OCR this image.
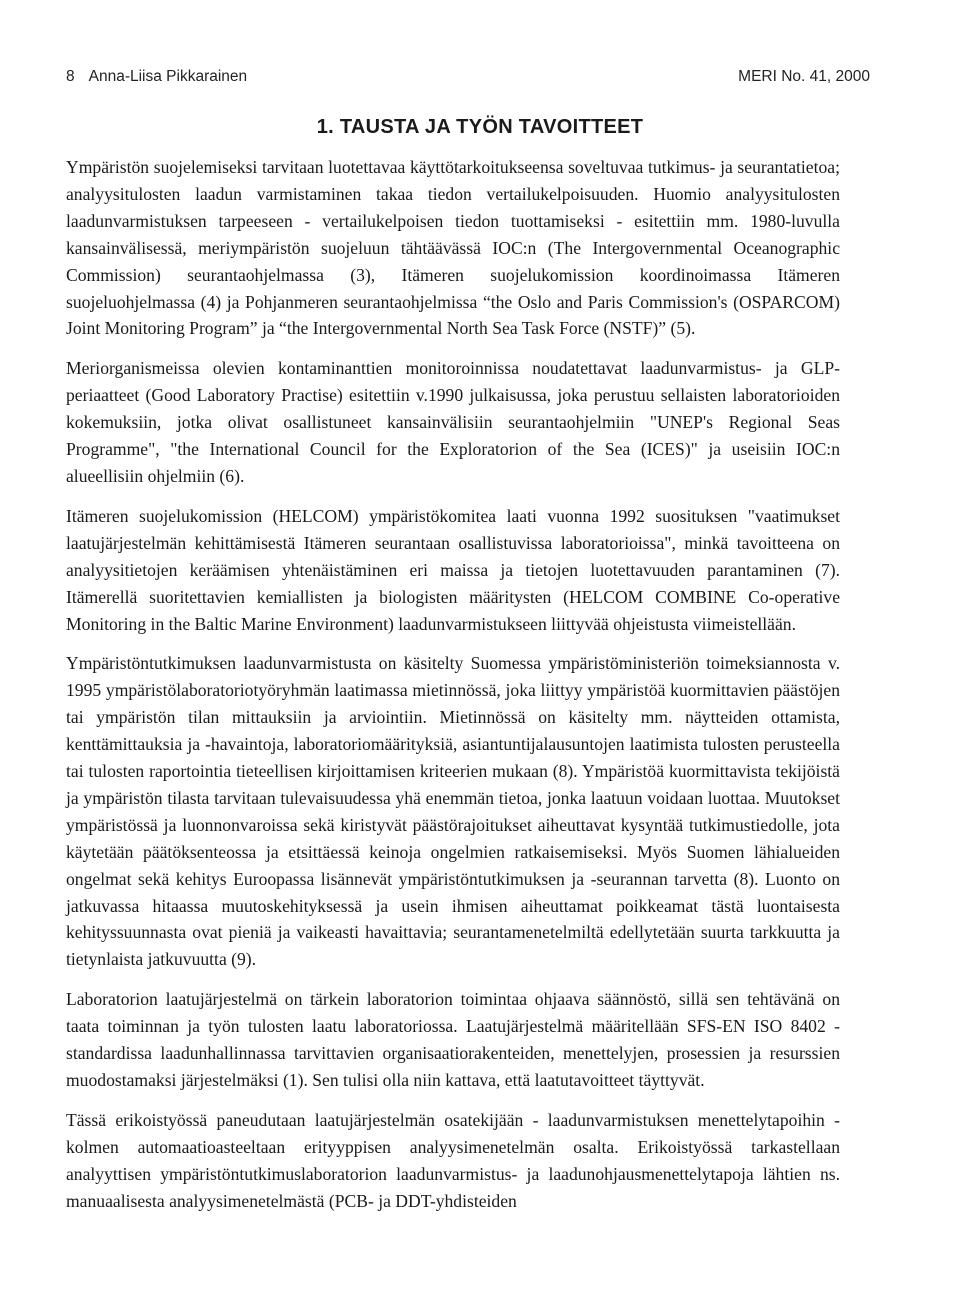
8 Anna-Liisa Pikkarainen	MERI No. 41, 2000
1. TAUSTA JA TYÖN TAVOITTEET

Ympäristön suojelemiseksi tarvitaan luotettavaa käyttötarkoitukseensa soveltuvaa tutkimus- ja seurantatietoa; analyysitulosten laadun varmistaminen takaa tiedon vertailukelpoisuuden. Huomio analyysitulosten laadunvarmistuksen tarpeeseen - vertailukelpoisen tiedon tuottamiseksi - esitettiin mm. 1980-luvulla kansainvälisessä, meriympäristön suojeluun tähtäävässä IOC:n (The Intergovernmental Oceanographic Commission) seurantaohjelmassa (3), Itämeren suojelukomission koordinoimassa Itämeren suojeluohjelmassa (4) ja Pohjanmeren seurantaohjelmissa “the Oslo and Paris Commission's (OSPARCOM) Joint Monitoring Program” ja “the Intergovernmental North Sea Task Force (NSTF)” (5).

Meriorganismeissa olevien kontaminanttien monitoroinnissa noudatettavat laadunvarmistus- ja GLP-periaatteet (Good Laboratory Practise) esitettiin v.1990 julkaisussa, joka perustuu sellaisten laboratorioiden kokemuksiin, jotka olivat osallistuneet kansainvälisiin seurantaohjelmiin "UNEP's Regional Seas Programme", "the International Council for the Exploratorion of the Sea (ICES)" ja useisiin IOC:n alueellisiin ohjelmiin (6).

Itämeren suojelukomission (HELCOM) ympäristökomitea laati vuonna 1992 suosituksen "vaatimukset laatujärjestelmän kehittämisestä Itämeren seurantaan osallistuvissa laboratorioissa", minkä tavoitteena on analyysitietojen keräämisen yhtenäistäminen eri maissa ja tietojen luotettavuuden parantaminen (7). Itämerellä suoritettavien kemiallisten ja biologisten määritysten (HELCOM COMBINE Co-operative Monitoring in the Baltic Marine Environment) laadunvarmistukseen liittyvää ohjeistusta viimeistellään.

Ympäristöntutkimuksen laadunvarmistusta on käsitelty Suomessa ympäristöministeriön toimeksiannosta v. 1995 ympäristölaboratoriotyöryhmän laatimassa mietinnössä, joka liittyy ympäristöä kuormittavien päästöjen tai ympäristön tilan mittauksiin ja arviointiin. Mietinnössä on käsitelty mm. näytteiden ottamista, kenttämittauksia ja -havaintoja, laboratoriomäärityksiä, asiantuntijalausuntojen laatimista tulosten perusteella tai tulosten raportointia tieteellisen kirjoittamisen kriteerien mukaan (8). Ympäristöä kuormittavista tekijöistä ja ympäristön tilasta tarvitaan tulevaisuudessa yhä enemmän tietoa, jonka laatuun voidaan luottaa. Muutokset ympäristössä ja luonnonvaroissa sekä kiristyvät päästörajoitukset aiheuttavat kysyntää tutkimustiedolle, jota käytetään päätöksenteossa ja etsittäessä keinoja ongelmien ratkaisemiseksi. Myös Suomen lähialueiden ongelmat sekä kehitys Euroopassa lisännevät ympäristöntutkimuksen ja -seurannan tarvetta (8). Luonto on jatkuvassa hitaassa muutoskehityksessä ja usein ihmisen aiheuttamat poikkeamat tästä luontaisesta kehityssuunnasta ovat pieniä ja vaikeasti havaittavia; seurantamenetelmiltä edellytetään suurta tarkkuutta ja tietynlaista jatkuvuutta (9).

Laboratorion laatujärjestelmä on tärkein laboratorion toimintaa ohjaava säännöstö, sillä sen tehtävänä on taata toiminnan ja työn tulosten laatu laboratoriossa. Laatujärjestelmä määritellään SFS-EN ISO 8402 -standardissa laadunhallinnassa tarvittavien organisaatiorakenteiden, menettelyjen, prosessien ja resurssien muodostamaksi järjestelmäksi (1). Sen tulisi olla niin kattava, että laatutavoitteet täyttyvät.

Tässä erikoistyössä paneudutaan laatujärjestelmän osatekijään - laadunvarmistuksen menettelytapoihin - kolmen automaatioasteeltaan erityyppisen analyysimenetelmän osalta. Erikoistyössä tarkastellaan analyyttisen ympäristöntutkimuslaboratorion laadunvarmistus- ja laadunohjausmenettelytapoja lähtien ns. manuaalisesta analyysimenetelmästä (PCB- ja DDT-yhdisteiden
